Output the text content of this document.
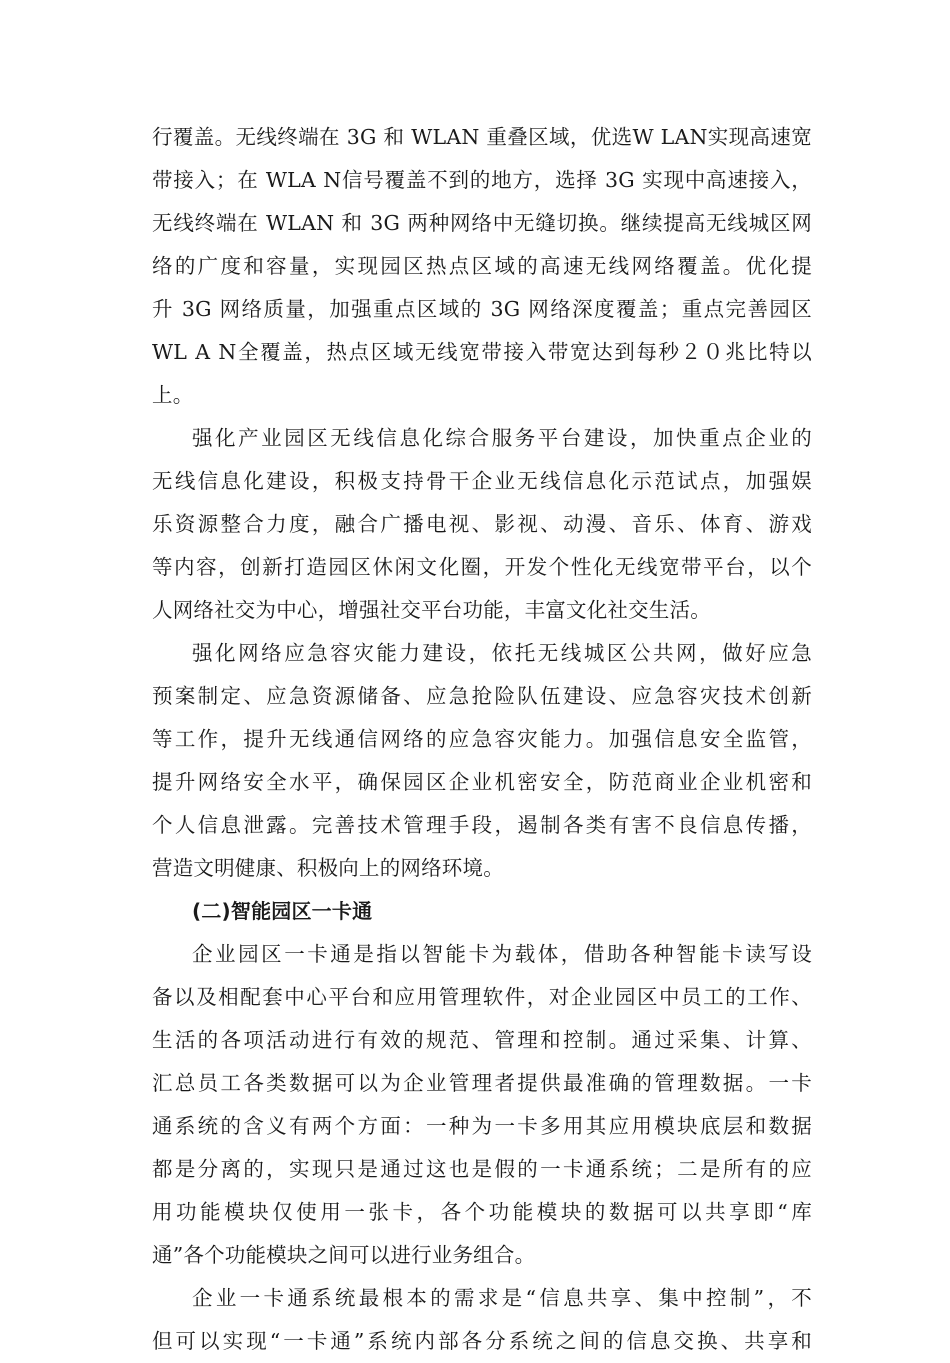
行覆盖。无线终端在 3G 和 WLAN 重叠区域，优选W LAN实现高速宽
带接入；在 WLA N信号覆盖不到的地方，选择 3G 实现中高速接入，
无线终端在 WLAN 和 3G 两种网络中无缝切换。继续提高无线城区网
络的广度和容量，实现园区热点区域的高速无线网络覆盖。优化提
升 3G 网络质量，加强重点区域的 3G 网络深度覆盖；重点完善园区
WL A N全覆盖，热点区域无线宽带接入带宽达到每秒２０兆比特以
上。
强化产业园区无线信息化综合服务平台建设，加快重点企业的
无线信息化建设，积极支持骨干企业无线信息化示范试点，加强娱
乐资源整合力度，融合广播电视、影视、动漫、音乐、体育、游戏
等内容，创新打造园区休闲文化圈，开发个性化无线宽带平台，以个
人网络社交为中心，增强社交平台功能，丰富文化社交生活。
强化网络应急容灾能力建设，依托无线城区公共网，做好应急
预案制定、应急资源储备、应急抢险队伍建设、应急容灾技术创新
等工作，提升无线通信网络的应急容灾能力。加强信息安全监管，
提升网络安全水平，确保园区企业机密安全，防范商业企业机密和
个人信息泄露。完善技术管理手段，遏制各类有害不良信息传播，
营造文明健康、积极向上的网络环境。
(二)智能园区一卡通
企业园区一卡通是指以智能卡为载体，借助各种智能卡读写设
备以及相配套中心平台和应用管理软件，对企业园区中员工的工作、
生活的各项活动进行有效的规范、管理和控制。通过采集、计算、
汇总员工各类数据可以为企业管理者提供最准确的管理数据。一卡
通系统的含义有两个方面：一种为一卡多用其应用模块底层和数据
都是分离的，实现只是通过这也是假的一卡通系统；二是所有的应
用功能模块仅使用一张卡，各个功能模块的数据可以共享即“库
通”各个功能模块之间可以进行业务组合。
企业一卡通系统最根本的需求是“信息共享、集中控制”，不
但可以实现“一卡通”系统内部各分系统之间的信息交换、共享和
